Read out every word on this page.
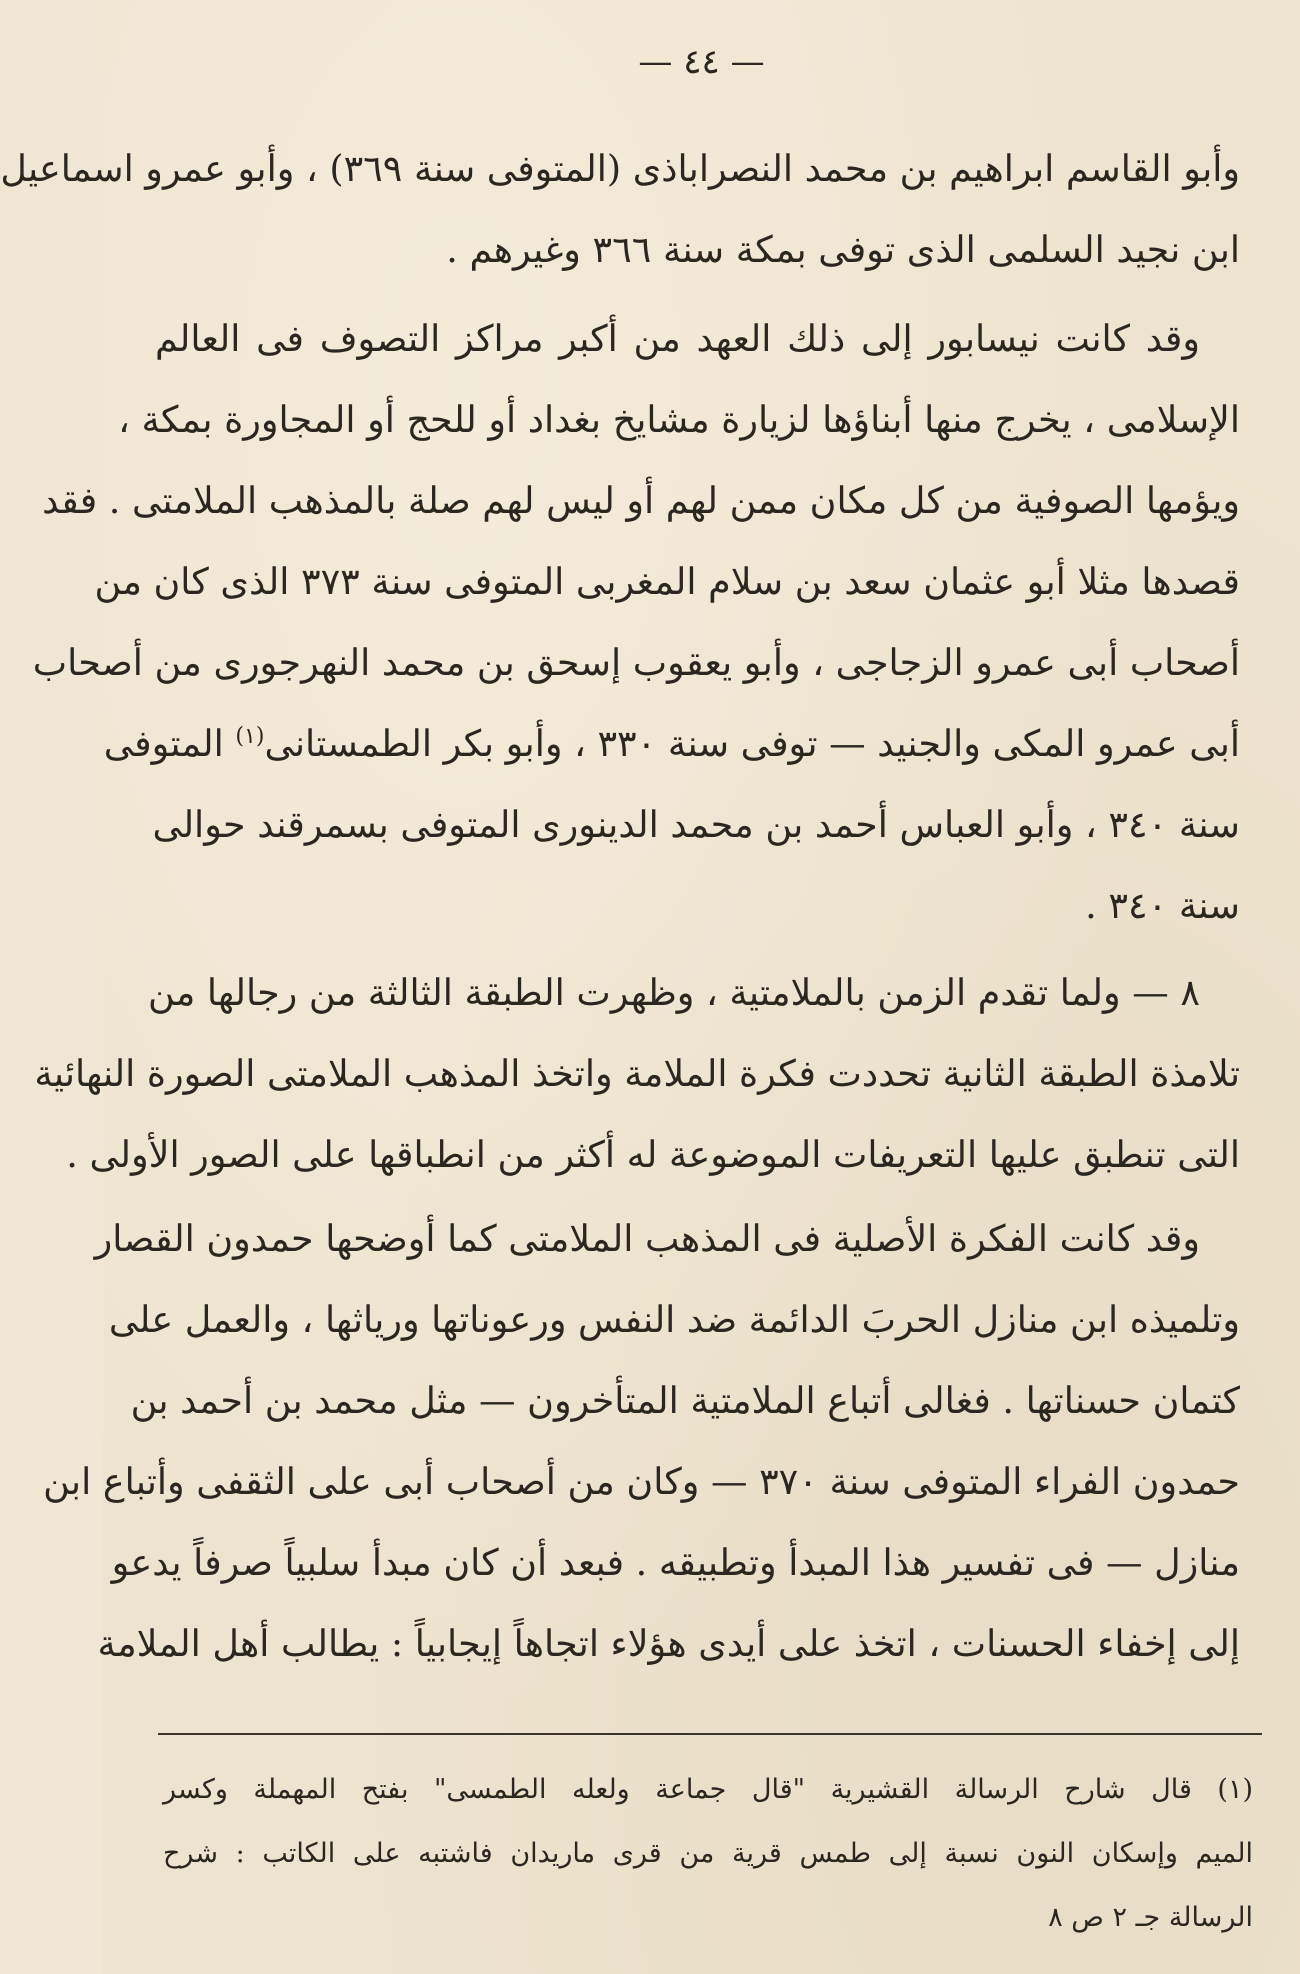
— ٤٤ —
وأبو القاسم ابراهيم بن محمد النصراباذى (المتوفى سنة ٣٦٩) ، وأبو عمرو اسماعيل
ابن نجيد السلمى الذى توفى بمكة سنة ٣٦٦ وغيرهم .
وقد كانت نيسابور إلى ذلك العهد من أكبر مراكز التصوف فى العالم
الإسلامى ، يخرج منها أبناؤها لزيارة مشايخ بغداد أو للحج أو المجاورة بمكة ،
ويؤمها الصوفية من كل مكان ممن لهم أو ليس لهم صلة بالمذهب الملامتى . فقد
قصدها مثلا أبو عثمان سعد بن سلام المغربى المتوفى سنة ٣٧٣ الذى كان من
أصحاب أبى عمرو الزجاجى ، وأبو يعقوب إسحق بن محمد النهرجورى من أصحاب
أبى عمرو المكى والجنيد — توفى سنة ٣٣٠ ، وأبو بكر الطمستانى$^{(١)}$ المتوفى
سنة ٣٤٠ ، وأبو العباس أحمد بن محمد الدينورى المتوفى بسمرقند حوالى
سنة ٣٤٠ .
٨ — ولما تقدم الزمن بالملامتية ، وظهرت الطبقة الثالثة من رجالها من
تلامذة الطبقة الثانية تحددت فكرة الملامة واتخذ المذهب الملامتى الصورة النهائية
التى تنطبق عليها التعريفات الموضوعة له أكثر من انطباقها على الصور الأولى .
وقد كانت الفكرة الأصلية فى المذهب الملامتى كما أوضحها حمدون القصار
وتلميذه ابن منازل الحربَ الدائمة ضد النفس ورعوناتها ورياثها ، والعمل على
كتمان حسناتها . فغالى أتباع الملامتية المتأخرون — مثل محمد بن أحمد بن
حمدون الفراء المتوفى سنة ٣٧٠ — وكان من أصحاب أبى على الثقفى وأتباع ابن
منازل — فى تفسير هذا المبدأ وتطبيقه . فبعد أن كان مبدأ سلبياً صرفاً يدعو
إلى إخفاء الحسنات ، اتخذ على أيدى هؤلاء اتجاهاً إيجابياً : يطالب أهل الملامة
(١) قال شارح الرسالة القشيرية "قال جماعة ولعله الطمسى" بفتح المهملة وكسر
الميم وإسكان النون نسبة إلى طمس قرية من قرى ماريدان فاشتبه على الكاتب : شرح
الرسالة جـ ٢ ص ٨
